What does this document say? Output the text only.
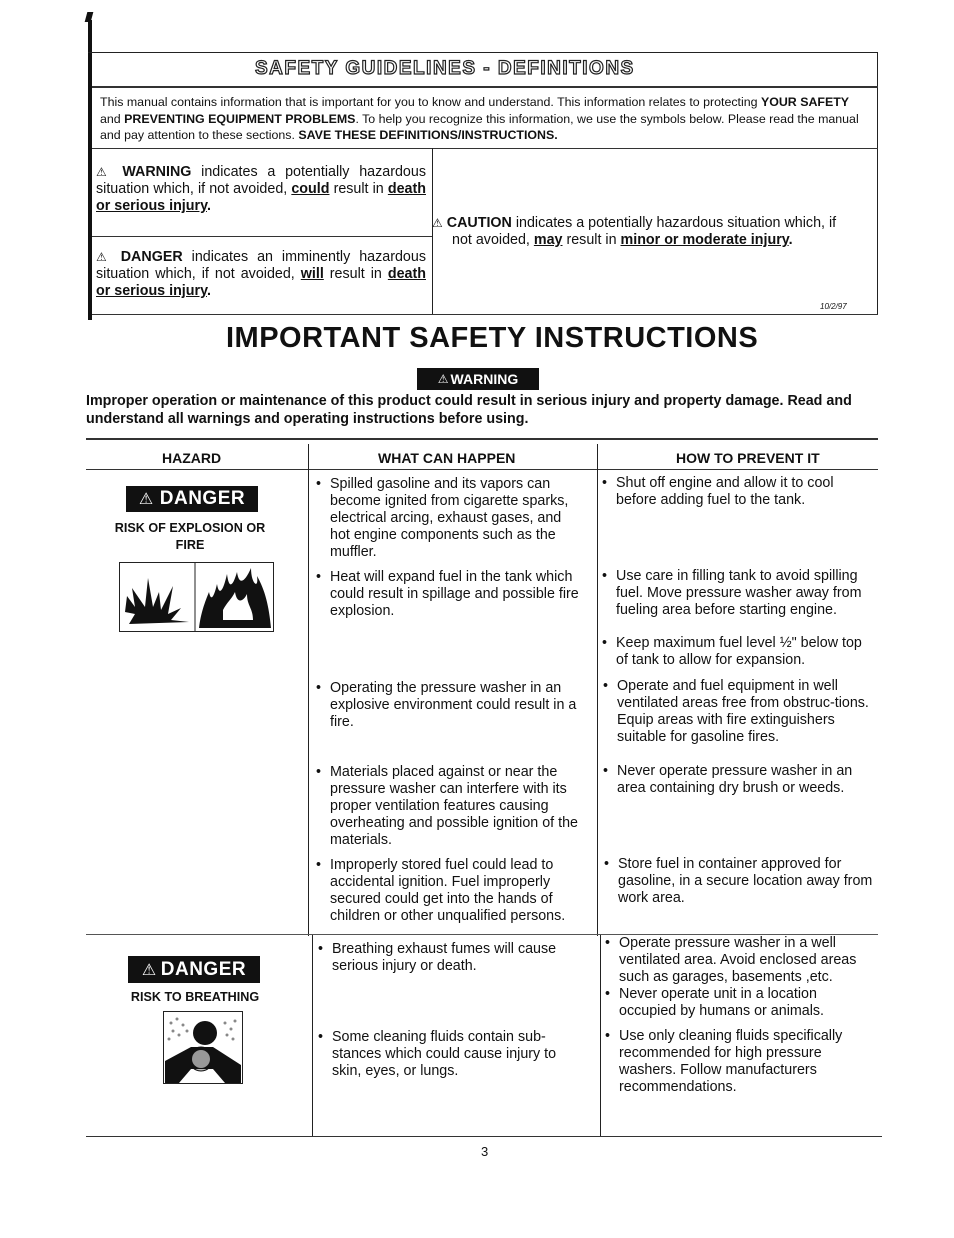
SAFETY GUIDELINES - DEFINITIONS
This manual contains information that is important for you to know and understand. This information relates to protecting YOUR SAFETY and PREVENTING EQUIPMENT PROBLEMS. To help you recognize this information, we use the symbols below. Please read the manual and pay attention to these sections. SAVE THESE DEFINITIONS/INSTRUCTIONS.
⚠ WARNING indicates a potentially hazardous situation which, if not avoided, could result in death or serious injury.
⚠ DANGER indicates an imminently hazardous situation which, if not avoided, will result in death or serious injury.
⚠ CAUTION indicates a potentially hazardous situation which, if not avoided, may result in minor or moderate injury.
10/2/97
IMPORTANT SAFETY INSTRUCTIONS
⚠ WARNING
Improper operation or maintenance of this product could result in serious injury and property damage. Read and understand all warnings and operating instructions before using.
HAZARD	WHAT CAN HAPPEN	HOW TO PREVENT IT
⚠ DANGER
RISK OF EXPLOSION OR FIRE
⚠ DANGER
RISK TO BREATHING
• Spilled gasoline and its vapors can become ignited from cigarette sparks, electrical arcing, exhaust gases, and hot engine components such as the muffler.
• Heat will expand fuel in the tank which could result in spillage and possible fire explosion.
• Operating the pressure washer in an explosive environment could result in a fire.
• Materials placed against or near the pressure washer can interfere with its proper ventilation features causing overheating and possible ignition of the materials.
• Improperly stored fuel could lead to accidental ignition. Fuel improperly secured could get into the hands of children or other unqualified persons.
• Breathing exhaust fumes will cause serious injury or death.
• Some cleaning fluids contain sub-stances which could cause injury to skin, eyes, or lungs.
• Shut off engine and allow it to cool before adding fuel to the tank.
• Use care in filling tank to avoid spilling fuel. Move pressure washer away from fueling area before starting engine.
• Keep maximum fuel level ½" below top of tank to allow for expansion.
• Operate and fuel equipment in well ventilated areas free from obstruc-tions. Equip areas with fire extinguishers suitable for gasoline fires.
• Never operate pressure washer in an area containing dry brush or weeds.
• Store fuel in container approved for gasoline, in a secure location away from work area.
• Operate pressure washer in a well ventilated area. Avoid enclosed areas such as garages, basements ,etc.
• Never operate unit in a location occupied by humans or animals.
• Use only cleaning fluids specifically recommended for high pressure washers. Follow manufacturers recommendations.
3
